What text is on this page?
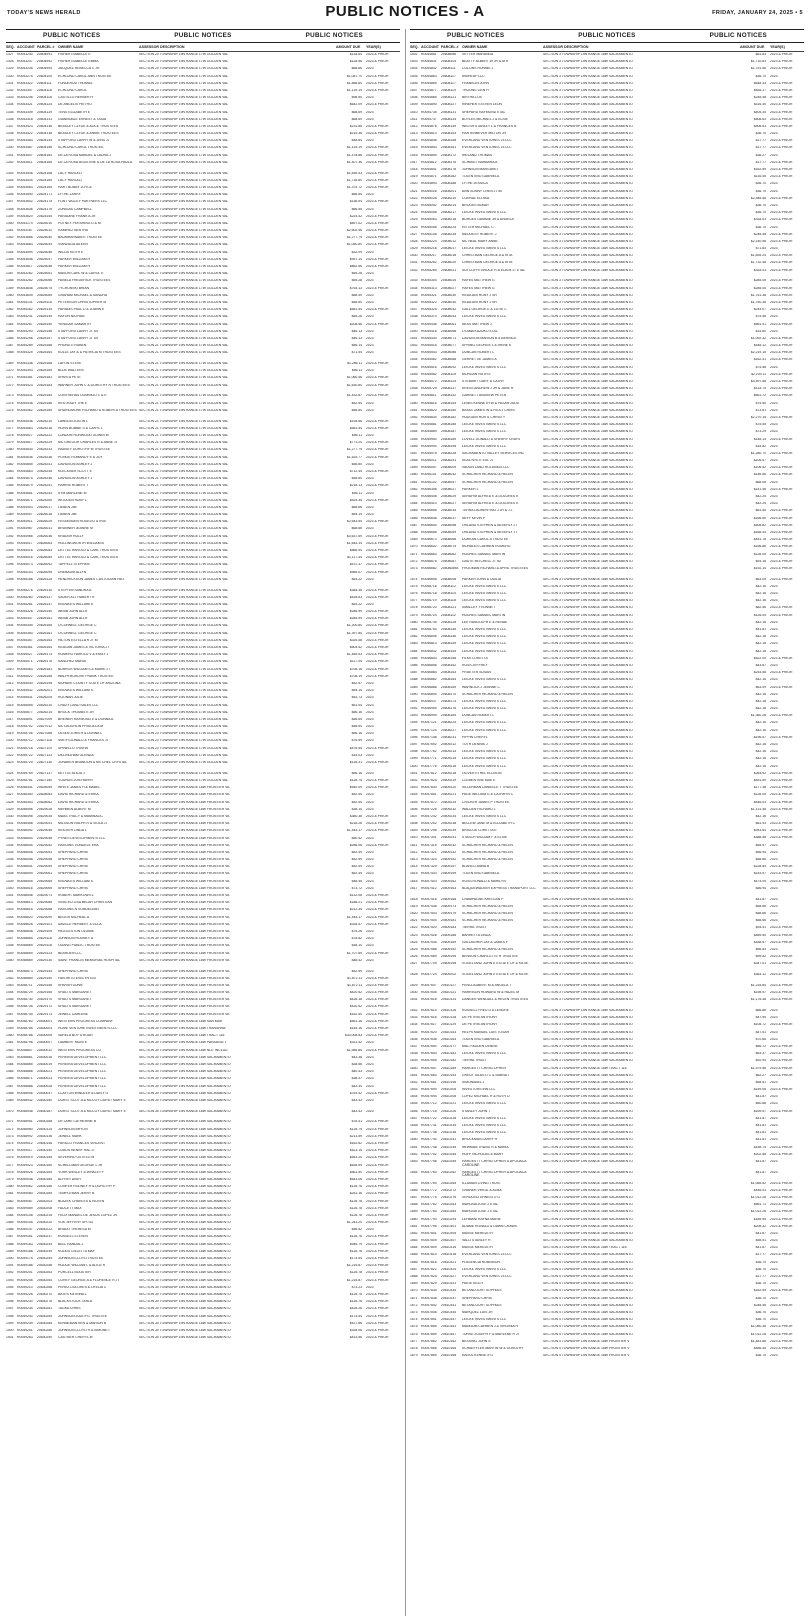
TODAY'S NEWS HERALD	PUBLIC NOTICES - A	FRIDAY, JANUARY 24, 2025 • 5
PUBLIC NOTICES	PUBLIC NOTICES	PUBLIC NOTICES
SEQ. ACCOUNT PARCEL # OWNER NAME	ASSESSOR DESCRIPTION	AMOUNT DUE YEAR(S)
1327	R0053240	20604991	FISHER ISABELLE E	SECTION 20 TOWNSHIP 19N RANGE 17W GOLDEN VAL	$134.64 2023 & PRIOR
1328	R0053247	20604992	FISHER ISABELLE EMMA	SECTION 20 TOWNSHIP 19N RANGE 17W GOLDEN VAL	$128.56 2023 & PRIOR
1329	R0053235	20604994	JACQUEZ REBECCA C JR	SECTION 20 TOWNSHIP 19N RANGE 17W GOLDEN VAL	$68.66 2023
1330	R0053275	20604100	ECHLUND CAROL ANN TRUSTEE	SECTION 20 TOWNSHIP 19N RANGE 17W GOLDEN VAL	$1,087.70 2023 & PRIOR
1331	R0053322	20604111	FUNDERUD THOMAS	SECTION 20 TOWNSHIP 19N RANGE 17W GOLDEN VAL	$1,856.80 2023 & PRIOR
1332	R0053347	20604116	ECHLUND CAROL	SECTION 20 TOWNSHIP 19N RANGE 17W GOLDEN VAL	$1,125.19 2023 & PRIOR
1333	R0053208	20604118	CASTILLO HERBER H	SECTION 20 TOWNSHIP 19N RANGE 17W GOLDEN VAL	$98.50 2023
1334	R0053321	20604124	DE ANGELIS PIETRO	SECTION 20 TOWNSHIP 19N RANGE 17W GOLDEN VAL	$642.09 2023 & PRIOR
1335	R0053309	20604129	TENG ELIZABETH E	SECTION 20 TOWNSHIP 19N RANGE 17W GOLDEN VAL	$68.69 2023
1336	R0053318	20604131	GIANNOBLE ERNEST & TASIA	SECTION 20 TOWNSHIP 19N RANGE 17W GOLDEN VAL	$68.69 2023
1337	R0053423	20604136	BEASLEY CLYDE & ALICE TRUSTEES	SECTION 20 TOWNSHIP 19N RANGE 17W GOLDEN VAL	$231.88 2023 & PRIOR
1338	R0053422	20604138	BEASLEY CLYDE & ANNIE TRUSTEES	SECTION 20 TOWNSHIP 19N RANGE 17W GOLDEN VAL	$219.38 2023 & PRIOR
1339	R0053483	20604144	STAFFORD LARRY W & JENS JT	SECTION 20 TOWNSHIP 19N RANGE 17W GOLDEN VAL	$48.84 2023
1340	R0053487	20604156	SCHLUND CAROL TRUSTEE	SECTION 20 TOWNSHIP 19N RANGE 17W GOLDEN VAL	$1,125.19 2023 & PRIOR
1341	R0053507	20604164	DE LA ROSA MANUEL & LAURA J	SECTION 20 TOWNSHIP 19N RANGE 17W GOLDEN VAL	$1,478.88 2023 & PRIOR
1342	R0053511	20604165	DE LA ROSA AGUSTINE & DE LA ROSA PAULA	SECTION 20 TOWNSHIP 19N RANGE 17W GOLDEN VAL	$1,407.36 2023 & PRIOR
1343	R0053538	20624168	LACY HAROLD	SECTION 20 TOWNSHIP 19N RANGE 17W GOLDEN VAL	$1,839.43 2023 & PRIOR
1344	R0053539	20624169	LACY HAROLD	SECTION 20 TOWNSHIP 19N RANGE 17W GOLDEN VAL	$1,716.80 2023 & PRIOR
1345	R0053563	20624169	HART BOBBY JOYCE	SECTION 20 TOWNSHIP 19N RANGE 17W GOLDEN VAL	$1,379.72 2023 & PRIOR
1346	R0053590	20624171	LYTHE LARRY	SECTION 20 TOWNSHIP 19N RANGE 17W GOLDEN VAL	$66.55 2023
1347	R0053602	20624175	FLINT VALLEY PARTNERS LLC	SECTION 20 TOWNSHIP 19N RANGE 17W GOLDEN VAL	$136.54 2023 & PRIOR
1348	R0053636	20624176	ZUNIGAS CAMPBELL	SECTION 20 TOWNSHIP 19N RANGE 17W GOLDEN VAL	$66.55 2023
1349	R0053620	20624154	PARADINE FRANK A JR	SECTION 21 TOWNSHIP 19N RANGE 17W GOLDEN VAL	$224.42 2023 & PRIOR
1350	R0053174	20625010	PUTNEY PERSHING D & M	SECTION 21 TOWNSHIP 19N RANGE 17W GOLDEN VAL	$897.02 2023 & PRIOR
1351	R0053167	20625011	RAMIREZ BERTHA	SECTION 21 TOWNSHIP 19N RANGE 17W GOLDEN VAL	$2,602.46 2023 & PRIOR
1352	R0053688	20625040	BAUMHARMAN E TRUSTEE	SECTION 21 TOWNSHIP 19N RANGE 17W GOLDEN VAL	$1,277.79 2023 & PRIOR
1353	R0053683	20625044	VIANZAGA AILEEN	SECTION 21 TOWNSHIP 19N RANGE 17W GOLDEN VAL	$1,050.80 2023 & PRIOR
1354	R0053599	20625046	WILLIS KEITH E	SECTION 21 TOWNSHIP 19N RANGE 17W GOLDEN VAL	$32.09 2023
1355	R0053646	20625047	PARKER WILLIAM H	SECTION 21 TOWNSHIP 19N RANGE 17W GOLDEN VAL	$957.14 2023 & PRIOR
1356	R0053617	20625048	PARKER WILLIAM H	SECTION 21 TOWNSHIP 19N RANGE 17W GOLDEN VAL	$862.56 2023 & PRIOR
1357	R0053262	20625051	MASON CARL W & CAROL E	SECTION 21 TOWNSHIP 19N RANGE 17W GOLDEN VAL	$55.28 2023
1358	R0053262	20625066	PANELA FREDERICK TRUSTEES	SECTION 21 TOWNSHIP 19N RANGE 17W GOLDEN VAL	$55.28 2023
1359	R0053648	20625075	TYCHONSKI BRIAN	SECTION 21 TOWNSHIP 19N RANGE 17W GOLDEN VAL	$764.13 2023 & PRIOR
1360	R0053649	20625089	GRAHAM MICHAEL & SANDRA	SECTION 21 TOWNSHIP 19N RANGE 17W GOLDEN VAL	$58.49 2023
1361	R0054131	20625116	PETERSON CHRISTOPHER SI	SECTION 21 TOWNSHIP 19N RANGE 17W GOLDEN VAL	$56.80 2023
1362	R0054162	20625134	PARADIS PAUL D & JOANN E	SECTION 21 TOWNSHIP 19N RANGE 17W GOLDEN VAL	$581.54 2023 & PRIOR
1363	R0054231	20625145	HAYON NATHAN	SECTION 21 TOWNSHIP 19N RANGE 17W GOLDEN VAL	$55.28 2023
1364	R0054287	20625150	YENIGAR SAMARTH	SECTION 21 TOWNSHIP 19N RANGE 17W GOLDEN VAL	$208.58 2023 & PRIOR
1365	R0054290	20625156	STAFFORD LARRY JT SS	SECTION 21 TOWNSHIP 19N RANGE 17W GOLDEN VAL	$46.13 2023
1366	R0054296	20625157	STAFFORD LARRY JT SS	SECTION 21 TOWNSHIP 19N RANGE 17W GOLDEN VAL	$46.13 2023
1367	R0054289	20625168	PHONGTI RUBEN	SECTION 21 TOWNSHIP 19N RANGE 17W GOLDEN VAL	$56.14 2023
1368	R0054325	20625164	KULLE JAY & & PATRICIA M TRUSTEES	SECTION 21 TOWNSHIP 19N RANGE 17W GOLDEN VAL	$71.54 2023
1369	R0054336	20625168	LAFON STEVE	SECTION 21 TOWNSHIP 19N RANGE 17W GOLDEN VAL	$1,286.11 2023 & PRIOR
1370	R0054393	20625169	BLUE WALTERS	SECTION 21 TOWNSHIP 19N RANGE 17W GOLDEN VAL	$56.11 2023
1371	R0054381	20625181	SPARTA PETE	SECTION 21 TOWNSHIP 19N RANGE 17W GOLDEN VAL	$1,060.46 2023 & PRIOR
1372	R0054423	20625183	WARNER JOHN C & DOROTHY N TRUSTEES	SECTION 21 TOWNSHIP 19N RANGE 17W GOLDEN VAL	$1,630.80 2023 & PRIOR
1373	R0054431	20625184	CONTRERAS DOMINGO C & E	SECTION 21 TOWNSHIP 19N RANGE 17W GOLDEN VAL	$1,432.87 2023 & PRIOR
1374	R0054436	20625186	RESTRADY THE E	SECTION 21 TOWNSHIP 19N RANGE 17W GOLDEN VAL	$52.44 2023
1375	R0054462	20625189	SHURIGMORE RICHARD & ROBERTA TRUSTEES SECTION 21 TOWNSHIP 19N RANGE 17W GOLDEN VAL	$56.80 2023
1376	R0054538	20625210	LAWSON JUSTIN L	SECTION 21 TOWNSHIP 19N RANGE 17W GOLDEN VAL	$194.66 2023 & PRIOR
1377	R0054563	20625218	HORN BOBBIE S & CARYL L	SECTION 21 TOWNSHIP 19N RANGE 17W GOLDEN VAL	$581.54 2023 & PRIOR
1378	R0054527	20625222	LONDON HORWOOD GOWIN W	SECTION 21 TOWNSHIP 19N RANGE 17W GOLDEN VAL	$56.11 2023
1379	R0054617	20625229	MC GREGOR CHARLES R & ANNE JT	SECTION 21 TOWNSHIP 19N RANGE 17W GOLDEN VAL	$771.20 2023 & PRIOR
1380	R0054630	20625233	HAUSEY DOROTHY M TRUSTEE	SECTION 21 TOWNSHIP 19N RANGE 17W GOLDEN VAL	$1,277.79 2023 & PRIOR
1381	R0054636	20625236	PLINGE ROMANDY E & JOY	SECTION 21 TOWNSHIP 19N RANGE 17W GOLDEN VAL	$1,525.77 2023 & PRIOR
1382	R0054655	20625241	DAVIDSON ASHLEY J	SECTION 21 TOWNSHIP 19N RANGE 17W GOLDEN VAL	$56.80 2023
1383	R0054663	20625245	KLECKNER SCOTT E	SECTION 21 TOWNSHIP 19N RANGE 17W GOLDEN VAL	$712.44 2023 & PRIOR
1384	R0054675	20625246	DAVIDSON ASHLEY J	SECTION 21 TOWNSHIP 19N RANGE 17W GOLDEN VAL	$56.80 2023
1385	R0054679	20625251	HARRIS ROBERT T	SECTION 21 TOWNSHIP 19N RANGE 17W GOLDEN VAL	$218.13 2023 & PRIOR
1386	R0054681	20625253	SYM MARLENE M	SECTION 21 TOWNSHIP 19N RANGE 17W GOLDEN VAL	$56.11 2023
1387	R0054871	20625260	WOODEN RUBY L	SECTION 21 TOWNSHIP 19N RANGE 17W GOLDEN VAL	$524.35 2023 & PRIOR
1388	R0054903	20626017	LIEBEN JIM	SECTION 22 TOWNSHIP 19N RANGE 17W GOLDEN VAL	$68.66 2023
1389	R0054907	20626018	LIEBEN JIM	SECTION 22 TOWNSHIP 19N RANGE 17W GOLDEN VAL	$54.19 2023
1390	R0054911	20626029	FESSENDEN ROGELIO & IRIS	SECTION 22 TOWNSHIP 19N RANGE 17W GOLDEN VAL	$2,643.50 2023 & PRIOR
1391	R0054967	20626031	BRUNNER JEANNE M	SECTION 22 TOWNSHIP 19N RANGE 17W GOLDEN VAL	$68.66 2023
1392	R0054966	20626036	KRAUSH RULLY	SECTION 22 TOWNSHIP 19N RANGE 17W GOLDEN VAL	$3,637.69 2023 & PRIOR
1393	R0055017	20626063	HOLLINGWORTH WILLIAM B	SECTION 22 TOWNSHIP 19N RANGE 17W GOLDEN VAL	$1,644.14 2023 & PRIOR
1394	R0055016	20626083	DETTEL HAROLD & CARL TRUSTEES	SECTION 22 TOWNSHIP 19N RANGE 17W GOLDEN VAL	$866.54 2023 & PRIOR
1395	R0055016	20626085	DETTEL HAROLD & CARL TRUSTEES	SECTION 22 TOWNSHIP 19N RANGE 17W GOLDEN VAL	$1,117.44 2023 & PRIOR
1396	R0055073	20626092	TAPPELL STEPHEN	SECTION 22 TOWNSHIP 19N RANGE 17W GOLDEN VAL	$572.37 2023 & PRIOR
1397	R0055103	20626095	DREBAUM ALLYN	SECTION 22 TOWNSHIP 19N RANGE 17W GOLDEN VAL	$985.07 2023 & PRIOR
1398	R0055188	20626125	HENDRICKSON JAMES CUSTODIAN FBO	SECTION 22 TOWNSHIP 19N RANGE 17W GOLDEN VAL	$53.22 2023
1399	R0055276	20626130	STEFFEN SANDRA A	SECTION 22 TOWNSHIP 19N RANGE 17W GOLDEN VAL	$384.38 2023 & PRIOR
1400	R0055280	20626137	SAUER ALT HUBERT R	SECTION 22 TOWNSHIP 19N RANGE 17W GOLDEN VAL	$428.63 2023 & PRIOR
1401	R0055281	20626147	KNOWLES WILLIAM S	SECTION 22 TOWNSHIP 19N RANGE 17W GOLDEN VAL	$53.22 2023
1402	R0055326	20626150	WEBB JOHN ALLR	SECTION 22 TOWNSHIP 19N RANGE 17W GOLDEN VAL	$285.99 2023 & PRIOR
1403	R0055347	20626161	WEBB JOHN ALLR	SECTION 22 TOWNSHIP 19N RANGE 17W GOLDEN VAL	$285.99 2023 & PRIOR
1404	R0055349	20626165	O'CONNELL GEORGE C	SECTION 22 TOWNSHIP 19N RANGE 17W GOLDEN VAL	$1,200.80 2023 & PRIOR
1405	R0055350	20626161	O'CONNELL GEORGE C	SECTION 22 TOWNSHIP 19N RANGE 17W GOLDEN VAL	$1,397.80 2023 & PRIOR
1406	R0055357	20626163	HILTON ESTELLA R JT M	SECTION 22 TOWNSHIP 19N RANGE 17W GOLDEN VAL	$325.48 2023 & PRIOR
1407	R0055361	20626164	REAGAN JAMES & VICTORIA JT	SECTION 22 TOWNSHIP 19N RANGE 17W GOLDEN VAL	$504.42 2023 & PRIOR
1408	R0055427	20626174	ROMERO HAROLD V & EMILY J	SECTION 22 TOWNSHIP 19N RANGE 17W GOLDEN VAL	$1,465.53 2023 & PRIOR
1409	R0055471	20626176	SANCHEZ MARIA	SECTION 22 TOWNSHIP 19N RANGE 17W GOLDEN VAL	$117.05 2023 & PRIOR
1410	R0055483	20626181	BURROS WILLIAM S & MARIE JT	SECTION 22 TOWNSHIP 19N RANGE 17W GOLDEN VAL	$708.18 2023 & PRIOR
1411	R0055522	20626185	WALPERGROVE FRANK TRUSTEE	SECTION 22 TOWNSHIP 19N RANGE 17W GOLDEN VAL	$708.19 2023 & PRIOR
1412	R0055530	20626195	MOHAVE COUNTY STATE OF ARIZONA	SECTION 22 TOWNSHIP 19N RANGE 17W GOLDEN VAL	$52.47 2023
1413	R0055532	20626201	KNOWLES WILLIAM S	SECTION 22 TOWNSHIP 19N RANGE 17W GOLDEN VAL	$54.15 2023
1414	R0055531	20626205	ROONAN JULIE	SECTION 22 TOWNSHIP 19N RANGE 17W GOLDEN VAL	$53.73 2023
1415	R0055559	20626210	CRAZY LAND SALES LLC	SECTION 22 TOWNSHIP 19N RANGE 17W GOLDEN VAL	$51.04 2023
1416	R0055677	20626215	BROCK THOMAS E JR	SECTION 22 TOWNSHIP 19N RANGE 17W GOLDEN VAL	$56.16 2023
1417	R0055691	20627009	BREWER RAYMOND E & DONNA A	SECTION 23 TOWNSHIP 19N RANGE 17W GOLDEN VAL	$56.54 2023
1418	R0055702	20627012	MC LAUGHLIN PRISCILLA M	SECTION 23 TOWNSHIP 19N RANGE 17W GOLDEN VAL	$56.54 2023
1419	R0055706	20627086	OLSEN JOHN H & DONNA L	SECTION 23 TOWNSHIP 19N RANGE 17W GOLDEN VAL	$56.16 2023
1420	R0055712	20627118	SMITH DONALD & FRANCES JT	SECTION 23 TOWNSHIP 19N RANGE 17W GOLDEN VAL	$76.59 2023
1421	R0055718	20627119	SPINELLO TRISHA	SECTION 23 TOWNSHIP 19N RANGE 17W GOLDEN VAL	$476.55 2023 & PRIOR
1422	R0055722	20627123	DILLINGHAM GLENDA	SECTION 23 TOWNSHIP 19N RANGE 17W GOLDEN VAL	$15.03 2023
1423	R0055729	20627130	JONAKER BRANDON & MITCHEL CRYSTAL	SECTION 23 TOWNSHIP 19N RANGE 17W GOLDEN VAL	$128.31 2023 & PRIOR
1424	R0055769	20627137	KETTLE ALICIA J	SECTION 23 TOWNSHIP 19N RANGE 17W GOLDEN VAL	$56.16 2023
1425	R0055781	20627180	YOUNGS JON HARRY	SECTION 23 TOWNSHIP 19N RANGE 17W GOLDEN VAL	$128.75 2023 & PRIOR
1426	R0058341	20628059	WHITE JAMES H & MABEL	SECTION 30 TOWNSHIP 19N RANGE 18W FRONTIER VA	$540.09 2023 & PRIOR
1427	R0058350	20628063	DAVIS RICHARD & ERIKA	SECTION 30 TOWNSHIP 19N RANGE 18W FRONTIER VA	$52.45 2023
1428	R0058353	20628062	DAVIS RICHARD & ERIKA	SECTION 30 TOWNSHIP 19N RANGE 18W FRONTIER VA	$52.45 2023
1429	R0058496	20629028	MEHMEN ALBERT M	SECTION 30 TOWNSHIP 19N RANGE 18W FRONTIER VA	$38.10 2023
1430	R0058498	20629035	MAAS TRACY & MAMINALIC	SECTION 30 TOWNSHIP 19N RANGE 18W FRONTIER VA	$380.38 2023 & PRIOR
1431	R0058458	20629041	MILSSON RALPH R & VIOLA JT	SECTION 30 TOWNSHIP 19N RANGE 18W FRONTIER VA	$218.26 2023 & PRIOR
1432	R0058492	20629046	REICKER LINDA L	SECTION 30 TOWNSHIP 19N RANGE 18W FRONTIER VA	$1,444.17 2023 & PRIOR
1433	R0058504	20629048	PYNES DEVELOPMENTS LLC	SECTION 30 TOWNSHIP 19N RANGE 18W FRONTIER VA	$50.42 2023
1434	R0058505	20629052	HAGGINS VONDELE ERA	SECTION 30 TOWNSHIP 19N RANGE 18W FRONTIER VA	$286.08 2023 & PRIOR
1435	R0058508	20629053	SHEPPARD CHRIS	SECTION 30 TOWNSHIP 19N RANGE 18W FRONTIER VA	$52.49 2023
1436	R0058498	20629058	SHEPPARD CHRIS	SECTION 30 TOWNSHIP 19N RANGE 18W FRONTIER VA	$52.49 2023
1437	R0058501	20629059	SHEPPARD CHRIS	SECTION 30 TOWNSHIP 19N RANGE 18W FRONTIER VA	$52.49 2023
1438	R0058509	20629061	SHEPPARD CHRIS	SECTION 30 TOWNSHIP 19N RANGE 18W FRONTIER VA	$52.49 2023
1439	R0058505	20629065	KNOWLES WILLIAM S	SECTION 30 TOWNSHIP 19N RANGE 18W FRONTIER VA	$48.45 2023
1440	R0058516	20629069	SHEPPARD CHRIS	SECTION 30 TOWNSHIP 19N RANGE 18W FRONTIER VA	$73.72 2023
1441	R0058546	20629071	ROBERT MARKOWITZ	SECTION 30 TOWNSHIP 19N RANGE 18W FRONTIER VA	$132.08 2023 & PRIOR
1442	R0058613	20629085	VINSTED LISA BELAH CHRISTIAN	SECTION 30 TOWNSHIP 19N RANGE 18W FRONTIER VA	$188.21 2023 & PRIOR
1443	R0058618	20629088	HAGGINS N VONDELEAR	SECTION 30 TOWNSHIP 19N RANGE 18W FRONTIER VA	$212.35 2023 & PRIOR
1444	R0058620	20629090	BEGGS MICHEAL A	SECTION 30 TOWNSHIP 19N RANGE 18W FRONTIER VA	$1,444.17 2023 & PRIOR
1445	R0058628	20629101	SAVILLE HERBERT & LILLA	SECTION 30 TOWNSHIP 19N RANGE 18W FRONTIER VA	$328.47 2023 & PRIOR
1446	R0058648	20629109	HIGGLESTON OLUMIE	SECTION 30 TOWNSHIP 19N RANGE 18W FRONTIER VA	$76.26 2023
1447	R0058665	20629116	JOHNSON RODNEY A	SECTION 30 TOWNSHIP 19N RANGE 18W FRONTIER VA	$78.82 2023
1448	R0058669	20629118	OGANG PUBLIC TRUSTEE	SECTION 30 TOWNSHIP 19N RANGE 18W FRONTIER VA	$38.10 2023
1449	R0058659	20629123	BEARDEN LLC	SECTION 30 TOWNSHIP 19N RANGE 18W FRONTIER VA	$1,707.89 2023 & PRIOR
1450	R0058669	20629130	SAINT FRANCIS MEMORIAL HOSPITAL	SECTION 30 TOWNSHIP 19N RANGE 18W FRONTIER VA	$48.42 2023
1451	R0058673	20629144	SHEPPARD CHRIS	SECTION 30 TOWNSHIP 19N RANGE 18W FRONTIER VA	$52.49 2023
1452	R0058689	20629150	FAVORITO EVELYN GST	SECTION 30 TOWNSHIP 19N RANGE 18W FRONTIER VA	$1,872.11 2023 & PRIOR
1453	R0058711	20629158	SPARSH DUNN	SECTION 30 TOWNSHIP 19N RANGE 18W FRONTIER VA	$1,872.11 2023 & PRIOR
1454	R0058729	20629165	SHULTS MARGARET	SECTION 30 TOWNSHIP 19N RANGE 18W FRONTIER VA	$420.52 2023 & PRIOR
1455	R0058730	20629170	SHULTS MARGARET	SECTION 30 TOWNSHIP 19N RANGE 18W FRONTIER VA	$426.18 2023 & PRIOR
1456	R0058735	20629172	SHULTS MARGARET	SECTION 30 TOWNSHIP 19N RANGE 18W FRONTIER VA	$420.52 2023 & PRIOR
1457	R0058749	20629173	JEWELL DARLENE	SECTION 30 TOWNSHIP 19N RANGE 18W FRONTIER VA	$162.50 2023 & PRIOR
1458	R0058760	20630001	WESTERN PROGRESS COMPANY	SECTION 30 TOWNSHIP 19N RANGE 18W SAN MAR	$561.16 2023 & PRIOR
1459	R0058785	20630003	HOME VENTURE INVESTMENTS LLC	SECTION 30 TOWNSHIP 19N RANGE 18W TRANSPAW	$145.16 2023 & PRIOR
1460	R0058786	20630005	VARELA BOY'S ROAR	SECTION 30 TOWNSHIP 19N RANGE 18W TRACT 116	$33,008.83 2023 & PRIOR
1461	R0058796	20630007	LAMBERT MONTE	SECTION 30 TOWNSHIP 19N RANGE 18W PARADISE T	$313.42 2023
1462	R0058807	20630011	WESTERN PROGRESS CO	SECTION 30 TOWNSHIP 19N RANGE 18W NOT INCLUD	$1,985.85 2023 & PRIOR
1463	R0058861	20630016	PEREIRA DEVELOPMENT LLC	SECTION 30 TOWNSHIP 19N RANGE 18W SACRAMENTO	$43.36 2023
1464	R0058865	20630019	PEREIRA DEVELOPMENT LLC	SECTION 30 TOWNSHIP 19N RANGE 18W SACRAMENTO	$38.66 2023
1465	R0058866	20630021	PEREIRA DEVELOPMENT LLC	SECTION 30 TOWNSHIP 19N RANGE 18W SACRAMENTO	$40.43 2023
1466	R0058871	20630023	PEREIRA DEVELOPMENT LLC	SECTION 30 TOWNSHIP 19N RANGE 18W SACRAMENTO	$38.37 2023
1467	R0058888	20630028	PEREIRA DEVELOPMENT LLC	SECTION 30 TOWNSHIP 19N RANGE 18W SACRAMENTO	$43.34 2023
1468	R0058906	20630047	CLAYTON WINDLER & DAISY G	SECTION 30 TOWNSHIP 19N RANGE 18W SACRAMENTO	$763.42 2023 & PRIOR
1469	R0058932	20630180	DURST SCOT A & MCCOY DURST MARY E	SECTION 30 TOWNSHIP 19N RANGE 18W SACRAMENTO	$43.43 2023
1470	R0058948	20630187	DURST SCOT A & MCCOY DURST MARY E	SECTION 30 TOWNSHIP 19N RANGE 18W SACRAMENTO	$43.43 2023
1471	R0058951	20630188	DE LAHE CATHERINE B	SECTION 30 TOWNSHIP 19N RANGE 18W SACRAMENTO	$78.41 2023 & PRIOR
1472	R0058980	20630124	JOHNSON BRYON	SECTION 30 TOWNSHIP 19N RANGE 18W SACRAMENTO	$128.79 2023 & PRIOR
1473	R0058992	20630136	JEWELL MARK	SECTION 30 TOWNSHIP 19N RANGE 18W SACRAMENTO	$213.59 2023 & PRIOR
1474	R0059012	20630146	PARILLO FRANCES VINCENT	SECTION 30 TOWNSHIP 19N RANGE 18W SACRAMENTO	$162.82 2023 & PRIOR
1475	R0059017	20630150	COBOS BENNY RAL JT	SECTION 30 TOWNSHIP 19N RANGE 18W SACRAMENTO	$423.15 2023 & PRIOR
1476	R0059019	20630155	SEVERINO OSTELLI M	SECTION 30 TOWNSHIP 19N RANGE 18W SACRAMENTO	$543.20 2023 & PRIOR
1477	R0059023	20630160	SCHELLMAN GEORGE L JR	SECTION 30 TOWNSHIP 19N RANGE 18W SACRAMENTO	$628.59 2023 & PRIOR
1478	R0059026	20630164	YORK WESLEY & WHALEY F	SECTION 30 TOWNSHIP 19N RANGE 18W SACRAMENTO	$561.50 2023 & PRIOR
1479	R0059048	20630185	ALFREY ANDY	SECTION 30 TOWNSHIP 19N RANGE 18W SACRAMENTO	$643.06 2023 & PRIOR
1480	R0059062	20630186	CONFER RODNEY R & DOROTHY P	SECTION 30 TOWNSHIP 19N RANGE 18W SACRAMENTO	$126.78 2023 & PRIOR
1481	R0059080	20630189	TEMPLEMAN JERRY B	SECTION 30 TOWNSHIP 19N RANGE 18W SACRAMENTO	$251.18 2023 & PRIOR
1482	R0059087	20630203	BLAZEK CHARLES & EILEEN	SECTION 30 TOWNSHIP 19N RANGE 18W SACRAMENTO	$126.78 2023 & PRIOR
1483	R0059089	20630208	FAUCETT MAX	SECTION 30 TOWNSHIP 19N RANGE 18W SACRAMENTO	$126.78 2023 & PRIOR
1484	R0059108	20630215	FELIX MANUEL DE JESUS LOPEZ JR	SECTION 30 TOWNSHIP 19N RANGE 18W SACRAMENTO	$126.78 2023 & PRIOR
1485	R0059145	20630220	VOK JEFFERY SPI SO	SECTION 30 TOWNSHIP 19N RANGE 18W SACRAMENTO	$1,243.20 2023 & PRIOR
1486	R0059147	20630222	BRADO THERESA M	SECTION 30 TOWNSHIP 19N RANGE 18W SACRAMENTO	$56.52 2023
1487	R0059161	20630237	RUSSELL STEVEN	SECTION 30 TOWNSHIP 19N RANGE 18W SACRAMENTO	$126.78 2023 & PRIOR
1488	R0059163	20630244	BELL RANDAL L	SECTION 30 TOWNSHIP 19N RANGE 18W SACRAMENTO	$946.79 2023 & PRIOR
1489	R0059168	20630249	RODDS GILLETTA MAY	SECTION 30 TOWNSHIP 19N RANGE 18W SACRAMENTO	$126.78 2023 & PRIOR
1490	R0059175	20630254	JOHNSON LLOYD TRUSTEE	SECTION 30 TOWNSHIP 19N RANGE 18W SACRAMENTO	$174.54 2023 & PRIOR
1491	R0059188	20630258	HODGE WILLIAM L & ALICE R	SECTION 30 TOWNSHIP 19N RANGE 18W SACRAMENTO	$1,215.87 2023 & PRIOR
1492	R0059201	20630263	PURCELL BOUSTER	SECTION 30 TOWNSHIP 19N RANGE 18W SACRAMENTO	$126.78 2023 & PRIOR
1493	R0059208	20630264	COREY GEORGE A & FLORENCE R JT	SECTION 30 TOWNSHIP 19N RANGE 18W SACRAMENTO	$1,215.87 2023 & PRIOR
1494	R0059210	20630268	PEREZ DOLORES & OFELIA C	SECTION 30 TOWNSHIP 19N RANGE 18W SACRAMENTO	$73.23 2023
1495	R0059228	20630270	BATES KATRINA L	SECTION 30 TOWNSHIP 19N RANGE 18W SACRAMENTO	$126.78 2023 & PRIOR
1496	R0059230	20630276	BLACKSTOCK TARLA	SECTION 30 TOWNSHIP 19N RANGE 18W SACRAMENTO	$126.78 2023 & PRIOR
1497	R0059235	20630281	TAGKA CHRIS	SECTION 30 TOWNSHIP 19N RANGE 18W SACRAMENTO	$428.28 2023 & PRIOR
1498	R0059240	20630284	JOHNSON JUDITH L TRUSTEE	SECTION 30 TOWNSHIP 19N RANGE 18W SACRAMENTO	$174.54 2023 & PRIOR
1499	R0059249	20630285	KENNEMAN KEN & MARION B	SECTION 30 TOWNSHIP 19N RANGE 18W SACRAMENTO	$427.66 2023 & PRIOR
1500	R0059251	20630286	JOHNSON LLOYD R & SIMONE I	SECTION 30 TOWNSHIP 19N RANGE 18W SACRAMENTO	$328.08 2023 & PRIOR
1501	R0059263	20630290	CASTNER CHERYL M	SECTION 30 TOWNSHIP 19N RANGE 18W SACRAMENTO	$413.58 2023 & PRIOR
PUBLIC NOTICES	PUBLIC NOTICES	PUBLIC NOTICES
SEQ. ACCOUNT PARCEL # OWNER NAME	ASSESSOR DESCRIPTION	AMOUNT DUE YEAR(S)
1502	R0054851	20608086	VETTER MARANDA	SECTION 3 TOWNSHIP 19N RANGE 18W SACRAMENTO	$61.83 2023 & PRIOR
1503	R0054831	20608104	BEATTY ALBERT W JR & M R	SECTION 3 TOWNSHIP 19N RANGE 18W SACRAMENTO	$1,710.63 2023 & PRIOR
1504	R0054842	20608111	COLLINS RONNIE L	SECTION 3 TOWNSHIP 19N RANGE 18W SACRAMENTO	$1,751.56 2023 & PRIOR
1505	R0054863	20608117	MISHEUP LLC	SECTION 3 TOWNSHIP 19N RANGE 18W SACRAMENTO	$36.70 2023
1506	R0054869	20608117	FRANKLIN JOHN	SECTION 3 TOWNSHIP 19N RANGE 18W SACRAMENTO	$648.33 2023 & PRIOR
1507	R0054877	20608119	TRUONG LIEN H	SECTION 3 TOWNSHIP 19N RANGE 18W SACRAMENTO	$835.17 2023 & PRIOR
1508	R0054885	20608121	BIRTHA LOS	SECTION 3 TOWNSHIP 19N RANGE 18W SACRAMENTO	$248.48 2023 & PRIOR
1509	R0054890	20608127	RINEHER STEVEN LEON	SECTION 3 TOWNSHIP 19N RANGE 18W SACRAMENTO	$116.40 2023 & PRIOR
1510	R0054735	20608131	SHEPARD RAYMOND ETAL	SECTION 3 TOWNSHIP 19N RANGE 18W SACRAMENTO	$405.34 2023 & PRIOR
1511	R0054737	20608134	BOYLES MICHAEL J & ELSIE	SECTION 3 TOWNSHIP 19N RANGE 18W SACRAMENTO	$508.63 2023 & PRIOR
1512	R0054876	20608149	WELSH STANLEY L & FRANCES B	SECTION 3 TOWNSHIP 19N RANGE 18W SACRAMENTO	$508.63 2023 & PRIOR
1513	R0054813	20608153	HARTENBEVER MILTON JR	SECTION 3 TOWNSHIP 19N RANGE 18W SACRAMENTO	$36.70 2023
1514	R0054848	20608158	EVERLAND VENTURES 23 LLC	SECTION 3 TOWNSHIP 19N RANGE 18W SACRAMENTO	$17.77 2023 & PRIOR
1515	R0054853	20608161	EVERLAND VENTURES 23 LLC	SECTION 3 TOWNSHIP 19N RANGE 18W SACRAMENTO	$17.77 2023 & PRIOR
1516	R0054859	20608172	IRELAND THOMAS	SECTION 3 TOWNSHIP 19N RANGE 18W SACRAMENTO	$36.27 2023
1517	R0054812	20608176	SCHMIDT BARBARA A	SECTION 3 TOWNSHIP 19N RANGE 18W SACRAMENTO	$17.77 2023 & PRIOR
1518	R0054841	20608178	JOHNSON MARGARET	SECTION 3 TOWNSHIP 19N RANGE 18W SACRAMENTO	$162.59 2023 & PRIOR
1519	R0054871	20608182	TOLENTINO GABRIELA	SECTION 3 TOWNSHIP 19N RANGE 18W SACRAMENTO	$116.45 2023 & PRIOR
1520	R0054893	20608186	LYTHE JESSICA	SECTION 3 TOWNSHIP 19N RANGE 18W SACRAMENTO	$36.70 2023
1521	R0055026	20608201	ANN SONNY CHEN JT 50	SECTION 3 TOWNSHIP 19N RANGE 18W SACRAMENTO	$36.70 2023
1522	R0055028	20608210	CORRAL ELOISA	SECTION 3 TOWNSHIP 19N RANGE 18W SACRAMENTO	$2,548.46 2023 & PRIOR
1523	R0055052	20608214	BROOKS BOBBY	SECTION 3 TOWNSHIP 19N RANGE 18W SACRAMENTO	$36.70 2023
1524	R0055058	20608217	LEICKE INVESTMENTS LLC	SECTION 3 TOWNSHIP 19N RANGE 18W SACRAMENTO	$36.70 2023 & PRIOR
1525	R0055063	20608218	BURGES GAMMIE JR & ANGELA	SECTION 3 TOWNSHIP 19N RANGE 18W SACRAMENTO	$334.03 2023 & PRIOR
1526	R0055056	20608224	HITTER MICHAEL C	SECTION 3 TOWNSHIP 19N RANGE 18W SACRAMENTO	$36.70 2023
1527	R0055106	20608235	MEDOESY ROBERT J	SECTION 3 TOWNSHIP 19N RANGE 18W SACRAMENTO	$248.48 2023 & PRIOR
1528	R0055224	20608012	MC NEAL MARY ANNE	SECTION 3 TOWNSHIP 19N RANGE 18W SACRAMENTO	$2,140.58 2023 & PRIOR
1529	R0055216	20608017	LEICKE INVESTMENTS LLC	SECTION 3 TOWNSHIP 19N RANGE 18W SACRAMENTO	$71.83 2023
1530	R0055217	20608018	CHRISTMAN GEORGE A & RITA	SECTION 3 TOWNSHIP 19N RANGE 18W SACRAMENTO	$1,839.24 2023 & PRIOR
1531	R0055262	20608020	CHRISTMAN GEORGE A & RITA	SECTION 3 TOWNSHIP 19N RANGE 18W SACRAMENTO	$1,732.48 2023 & PRIOR
1532	R0055264	20608021	SUTCLIFFE BRUCE R & EDA M JT ETAL	SECTION 3 TOWNSHIP 19N RANGE 18W SACRAMENTO	$334.03 2023 & PRIOR
1533	R0055304	20608025	HAYES MATTHEW G	SECTION 3 TOWNSHIP 19N RANGE 18W SACRAMENTO	$285.05 2023 & PRIOR
1534	R0055313	20608027	HAYES MATTHEW G	SECTION 3 TOWNSHIP 19N RANGE 18W SACRAMENTO	$285.05 2023 & PRIOR
1535	R0055321	20608030	REDA ANTHONY J SR	SECTION 3 TOWNSHIP 19N RANGE 18W SACRAMENTO	$1,761.38 2023 & PRIOR
1536	R0055322	20608030	REDA ANTHONY J SR	SECTION 3 TOWNSHIP 19N RANGE 18W SACRAMENTO	$1,760.38 2023 & PRIOR
1537	R0055325	20608042	GALL GEORGE E & LUTIE C	SECTION 3 TOWNSHIP 19N RANGE 18W SACRAMENTO	$244.07 2023 & PRIOR
1538	R0055374	20608043	LEICKE INVESTMENTS LLC	SECTION 3 TOWNSHIP 19N RANGE 18W SACRAMENTO	$75.58 2023
1539	R0055446	20608061	NESS MATTHEW J	SECTION 3 TOWNSHIP 19N RANGE 18W SACRAMENTO	$561.91 2023 & PRIOR
1540	R0055416	20608068	OTAMA KAZUKO ETAL	SECTION 3 TOWNSHIP 19N RANGE 18W SACRAMENTO	$15.80 2023
1541	R0055440	20608071	DAVIDSON MARION B & BERNICE	SECTION 3 TOWNSHIP 19N RANGE 18W SACRAMENTO	$1,092.32 2023 & PRIOR
1542	R0055516	20608077	SPRING GEORGE L & IRENE K	SECTION 3 TOWNSHIP 19N RANGE 18W SACRAMENTO	$448.12 2023 & PRIOR
1543	R0055543	20608086	DUNCAN ROBERT L	SECTION 3 TOWNSHIP 19N RANGE 18W SACRAMENTO	$2,219.15 2023 & PRIOR
1544	R0055562	20608088	GERRETTIE JAMES A	SECTION 3 TOWNSHIP 19N RANGE 18W SACRAMENTO	$162.41 2023 & PRIOR
1545	R0055515	20608092	LEICKE INVESTMENTS LLC	SECTION 3 TOWNSHIP 19N RANGE 18W SACRAMENTO	$75.58 2023
1546	R0055562	20608115	MORGAN RUTH E	SECTION 3 TOWNSHIP 19N RANGE 18W SACRAMENTO	$2,239.11 2023 & PRIOR
1547	R0055572	20608125	STEWART GARY & CATHY	SECTION 3 TOWNSHIP 19N RANGE 18W SACRAMENTO	$4,597.58 2023 & PRIOR
1548	R0055729	20608137	KRESS ANDREW J JR & JANE H	SECTION 3 TOWNSHIP 19N RANGE 18W SACRAMENTO	$133.75 2023 & PRIOR
1549	R0055811	20608142	GARNETT ANDREW PETER	SECTION 3 TOWNSHIP 19N RANGE 18W SACRAMENTO	$661.72 2023 & PRIOR
1550	R0055815	20608153	LEWIS KENNETH W & PASAR JULIE	SECTION 3 TOWNSHIP 19N RANGE 18W SACRAMENTO	$75.50 2023
1551	R0055820	20608160	BAYAS JAMES W & RITA J CHRIS	SECTION 3 TOWNSHIP 19N RANGE 18W SACRAMENTO	$73.81 2023
1552	R0055834	20608182	HUDGANTHUR & CHRISTY	SECTION 3 TOWNSHIP 19N RANGE 18W SACRAMENTO	$2,270.15 2023 & PRIOR
1553	R0055881	20608185	LEICKE INVESTMENTS LLC	SECTION 3 TOWNSHIP 19N RANGE 18W SACRAMENTO	$75.55 2023
1554	R0055889	20608187	LEICKE INVESTMENTS LLC	SECTION 3 TOWNSHIP 19N RANGE 18W SACRAMENTO	$73.29 2023
1555	R0055950	20608189	LOVELL DONALD & SHERRY CRAYS	SECTION 3 TOWNSHIP 19N RANGE 18W SACRAMENTO	$148.13 2023 & PRIOR
1556	R0055994	20608198	LEICKE INVESTMENTS LLC	SECTION 3 TOWNSHIP 19N RANGE 18W SACRAMENTO	$15.82 2023
1557	R0055978	20608228	SACRAMENTO VALLEY SERVICES INC	SECTION 3 TOWNSHIP 19N RANGE 18W SACRAMENTO	$1,280.70 2023 & PRIOR
1558	R0056011	20608241	SEAL NYE E ESL JT	SECTION 3 TOWNSHIP 19N RANGE 18W SACRAMENTO	$106.57 2023
1559	R0056057	20608009	VAUGN LAND HOLDINGS LLC	SECTION 3 TOWNSHIP 19N RANGE 18W SACRAMENTO	$106.52 2023 & PRIOR
1560	R0056101	20608042	SCHACHER RICHARD & HELEN	SECTION 3 TOWNSHIP 19N RANGE 18W SACRAMENTO	$146.56 2023 & PRIOR
1561	R0056102	20608057	SCHACHER RICHARD & HELEN	SECTION 3 TOWNSHIP 19N RANGE 18W SACRAMENTO	$68.08 2023
1562	R0056306	20608027	PARKER J	SECTION 3 TOWNSHIP 19N RANGE 18W SACRAMENTO	$141.46 2023 & PRIOR
1563	R0056408	20608029	SERAFIM ALFRED E & DOLORES K	SECTION 3 TOWNSHIP 19N RANGE 18W SACRAMENTO	$42.25 2023
1564	R0056410	20608027	SERAFIM ALFRED E & DOLORES K	SECTION 3 TOWNSHIP 19N RANGE 18W SACRAMENTO	$42.25 2023
1565	R0056658	20608034	TERRA LAURENTINO J JR & J L	SECTION 3 TOWNSHIP 19N RANGE 18W SACRAMENTO	$61.55 2023 & PRIOR
1566	R0056648	20608037	NEFF KEVIN P	SECTION 3 TOWNSHIP 19N RANGE 18W SACRAMENTO	$166.69 2023 & PRIOR
1567	R0056654	20608058	ORLAND STEPHEN & BEVERLY JT	SECTION 3 TOWNSHIP 19N RANGE 18W SACRAMENTO	$508.82 2023 & PRIOR
1568	R0056658	20608059	ORLAND STEPHEN & BEVERLY JT	SECTION 3 TOWNSHIP 19N RANGE 18W SACRAMENTO	$168.44 2023 & PRIOR
1569	R0056673	20608066	DUREAN CAROL A TRUSTEE	SECTION 3 TOWNSHIP 19N RANGE 18W SACRAMENTO	$451.78 2023 & PRIOR
1570	R0056602	20608075	MORALES CARMEN ROMERO	SECTION 3 TOWNSHIP 19N RANGE 18W SACRAMENTO	$166.86 2023 & PRIOR
1571	R0056663	20608082	HUGHES SAMUEL MARTIN	SECTION 3 TOWNSHIP 19N RANGE 18W SACRAMENTO	$128.05 2023 & PRIOR
1572	R0056676	20608087	GAUTE MITCHELL JT 50	SECTION 3 TOWNSHIP 19N RANGE 18W SACRAMENTO	$93.18 2023 & PRIOR
1573	R0056682	20608089A	FROOMAN RICHARD & APRIL TRUSTEES	SECTION 3 TOWNSHIP 19N RANGE 18W SACRAMENTO	$192.14 2023 & PRIOR
1574	R0056696	20608098	PARKER JOHN & ODILIA	SECTION 3 TOWNSHIP 19N RANGE 18W SACRAMENTO	$63.09 2023 & PRIOR
1575	R0056716	20608112	LEICKE INVESTMENTS LLC	SECTION 3 TOWNSHIP 19N RANGE 18W SACRAMENTO	$42.16 2023
1576	R0056718	20608114	LEICKE INVESTMENTS LLC	SECTION 3 TOWNSHIP 19N RANGE 18W SACRAMENTO	$42.16 2023
1577	R0056719	20608118	LEICKE INVESTMENTS LLC	SECTION 3 TOWNSHIP 19N RANGE 18W SACRAMENTO	$42.16 2023
1578	R0056720	20608121	SMALLEY YVONNE T	SECTION 3 TOWNSHIP 19N RANGE 18W SACRAMENTO	$82.46 2023 & PRIOR
1579	R0056724	20608112	HUGHES SAMUEL MARTIN	SECTION 3 TOWNSHIP 19N RANGE 18W SACRAMENTO	$126.05 2023 & PRIOR
1580	R0056735	20608128	LEE RANDOLPH E & RENAE	SECTION 3 TOWNSHIP 19N RANGE 18W SACRAMENTO	$42.16 2023
1581	R0056754	20608145	LEICKE INVESTMENTS LLC	SECTION 3 TOWNSHIP 19N RANGE 18W SACRAMENTO	$41.81 2023
1582	R0056806	20608146	LEICKE INVESTMENTS LLC	SECTION 3 TOWNSHIP 19N RANGE 18W SACRAMENTO	$42.16 2023
1583	R0056813	20608149	LEICKE INVESTMENTS LLC	SECTION 3 TOWNSHIP 19N RANGE 18W SACRAMENTO	$42.16 2023
1584	R0056842	20608154	LEICKE INVESTMENTS LLC	SECTION 3 TOWNSHIP 19N RANGE 18W SACRAMENTO	$42.16 2023
1585	R0056853	20608158	FILKE LORETTA	SECTION 3 TOWNSHIP 19N RANGE 18W SACRAMENTO	$522.09 2023 & PRIOR
1586	R0056856	20608162	ROSS JEFFREY	SECTION 3 TOWNSHIP 19N RANGE 18W SACRAMENTO	$43.87 2023
1587	R0056864	20608163	PRUETER SUSAN	SECTION 3 TOWNSHIP 19N RANGE 18W SACRAMENTO	$253.58 2023 & PRIOR
1588	R0056862	20608164	LEICKE INVESTMENTS LLC	SECTION 3 TOWNSHIP 19N RANGE 18W SACRAMENTO	$42.16 2023
1589	R0056886	20608169	WARNOCK J JEANNE C	SECTION 3 TOWNSHIP 19N RANGE 18W SACRAMENTO	$63.09 2023 & PRIOR
1590	R0056894	20608170	SCHACHER RICHARD & HELEN	SECTION 3 TOWNSHIP 19N RANGE 18W SACRAMENTO	$42.16 2023
1591	R0056937	20608173	LEICKE INVESTMENTS LLC	SECTION 3 TOWNSHIP 19N RANGE 18W SACRAMENTO	$42.16 2023
1592	R0056954	20608176	LEICKE INVESTMENTS LLC	SECTION 3 TOWNSHIP 19N RANGE 18W SACRAMENTO	$42.16 2023
1593	R0056999	20608184	DUNCAN ROBERT L	SECTION 3 TOWNSHIP 19N RANGE 18W SACRAMENTO	$1,360.28 2023 & PRIOR
1594	R0057121	20608224	LEICKE INVESTMENTS LLC	SECTION 3 TOWNSHIP 19N RANGE 18W SACRAMENTO	$42.16 2023
1595	R0057124	20608227	LEICKE INVESTMENTS LLC	SECTION 3 TOWNSHIP 19N RANGE 18W SACRAMENTO	$42.16 2023
1596	R0057148	20608231	PIPPIN CHERYL	SECTION 3 TOWNSHIP 19N RANGE 18W SACRAMENTO	$196.57 2023 & PRIOR
1597	R0057692	20609212	TOTH DENNIS J	SECTION 3 TOWNSHIP 19N RANGE 18W SACRAMENTO	$42.16 2023
1598	R0057762	20609214	LEICKE INVESTMENTS LLC	SECTION 3 TOWNSHIP 19N RANGE 18W SACRAMENTO	$42.16 2023
1599	R0057771	20609215	LEICKE INVESTMENTS LLC	SECTION 3 TOWNSHIP 19N RANGE 18W SACRAMENTO	$42.16 2023
1600	R0057776	20609216	LEICKE INVESTMENTS LLC	SECTION 3 TOWNSHIP 19N RANGE 18W SACRAMENTO	$42.16 2023
1601	R0057812	20609218	OLIVER ETHEL ELLISON	SECTION 3 TOWNSHIP 19N RANGE 18W SACRAMENTO	$264.92 2023 & PRIOR
1602	R0057825	20609219	CLEMENTINE MAE E	SECTION 3 TOWNSHIP 19N RANGE 18W SACRAMENTO	$451.69 2023 & PRIOR
1603	R0057830	20609220	SILLERMAN DANIELLE T TRUSTEE	SECTION 3 TOWNSHIP 19N RANGE 18W SACRAMENTO	$177.38 2023 & PRIOR
1604	R0057851	20609221	PAGE WILLIAM G & CATHRYN C	SECTION 3 TOWNSHIP 19N RANGE 18W SACRAMENTO	$128.05 2023 & PRIOR
1605	R0057872	20609225	CRICKER JAMES P TRUSTEE	SECTION 3 TOWNSHIP 19N RANGE 18W SACRAMENTO	$446.03 2023 & PRIOR
1606	R0057228	20609232	WALDEN RICHARD L	SECTION 3 TOWNSHIP 19N RANGE 18W SACRAMENTO	$1,131.48 2023 & PRIOR
1607	R0057242	20609234	LEICKE INVESTMENTS LLC	SECTION 3 TOWNSHIP 19N RANGE 18W SACRAMENTO	$42.16 2023
1608	R0057252	20609238	BELLEW JANE M & ELIZABETH C	SECTION 3 TOWNSHIP 19N RANGE 18W SACRAMENTO	$61.93 2023 & PRIOR
1609	R0057298	20609239	BRISCOE LORETTA E	SECTION 3 TOWNSHIP 19N RANGE 18W SACRAMENTO	$943.64 2023 & PRIOR
1610	R0057301	20609241	STASCH WILLIAM F & ELSIE	SECTION 3 TOWNSHIP 19N RANGE 18W SACRAMENTO	$388.48 2023 & PRIOR
1611	R0057315	20609242	SCHACHER RICHARD & HELEN	SECTION 3 TOWNSHIP 19N RANGE 18W SACRAMENTO	$55.97 2023
1612	R0057321	20609142	SCHACHER RICHARD & HELEN	SECTION 3 TOWNSHIP 19N RANGE 18W SACRAMENTO	$56.94 2023
1613	R0057324	20609152	SCHACHER RICHARD & HELEN	SECTION 3 TOWNSHIP 19N RANGE 18W SACRAMENTO	$58.66 2023
1614	R0057329	20609157	BLANCO ANNA B	SECTION 3 TOWNSHIP 19N RANGE 18W SACRAMENTO	$228.84 2023 & PRIOR
1615	R0057403	20609159	TOLENTINO GABRIELA	SECTION 3 TOWNSHIP 19N RANGE 18W SACRAMENTO	$153.97 2023 & PRIOR
1616	R0057403	20609162	ROSS RONALD & MARILYN	SECTION 3 TOWNSHIP 19N RANGE 18W SACRAMENTO	$474.05 2023 & PRIOR
1617	R0057412	20609163	BLAQUEWALKER EXPRESS TRANSPORT LLC	SECTION 3 TOWNSHIP 19N RANGE 18W SACRAMENTO	$56.94 2023
1618	R0057416	20609168	CHAMPAGNE KRISTIAN P	SECTION 3 TOWNSHIP 19N RANGE 18W SACRAMENTO	$41.87 2023
1619	R0057448	20609173	SCHACHER RICHARD & HELEN	SECTION 3 TOWNSHIP 19N RANGE 18W SACRAMENTO	$58.66 2023
1620	R0057503	20609179	SCHACHER RICHARD & HELEN	SECTION 3 TOWNSHIP 19N RANGE 18W SACRAMENTO	$58.66 2023
1621	R0057504	20609181	SCHACHER RICHARD & HELEN	SECTION 3 TOWNSHIP 19N RANGE 18W SACRAMENTO	$58.66 2023
1622	R0057520	20609183	TIERRA TRUST	SECTION 3 TOWNSHIP 19N RANGE 18W SACRAMENTO	$94.41 2023 & PRIOR
1623	R0057526	20609186	BARRETTA LINDA	SECTION 3 TOWNSHIP 19N RANGE 18W SACRAMENTO	$469.50 2023 & PRIOR
1624	R0057535	20609189	GALLAGHER JAY & JAMES F	SECTION 3 TOWNSHIP 19N RANGE 18W SACRAMENTO	$188.57 2023 & PRIOR
1625	R0057586	20609192	SCHACHER RICHARD & HELEN	SECTION 3 TOWNSHIP 19N RANGE 18W SACRAMENTO	$56.83 2023
1626	R0057689	20609195	BENSON CHARLOTTE H TRUSTEE	SECTION 3 TOWNSHIP 19N RANGE 18W SACRAMENTO	$99.52 2023 & PRIOR
1627	R0057709	20609198	VOGELTANZ JOHN E ESTATE OF & KATIE	SECTION 3 TOWNSHIP 19N RANGE 18W SACRAMENTO	$347.01 2023 & PRIOR
1628	R0057724	20609202	VOGELTANZ JOHN E ESTATE OF & KATIE	SECTION 3 TOWNSHIP 19N RANGE 18W SACRAMENTO	$363.12 2023 & PRIOR
1629	R0057607	20610127	PENCLAUBERT M & ANGELA T	SECTION 3 TOWNSHIP 19N RANGE 18W SACRAMENTO	$1,234.84 2023 & PRIOR
1630	R0057608	20610121	HARRISON HOWARD W & HAZEL M	SECTION 3 TOWNSHIP 19N RANGE 18W SACRAMENTO	$198.97 2023 & PRIOR
1631	R0057618	20610124	DANGER WENDALL & HELEN TRUSTEES	SECTION 3 TOWNSHIP 19N RANGE 18W SACRAMENTO	$1,176.48 2023 & PRIOR
1632	R0057614	20610126	RUSSELL FRED D & LENORE	SECTION 3 TOWNSHIP 19N RANGE 18W SACRAMENTO	$66.88 2023
1633	R0057616	20610128	DE PETRIS ANTHONY	SECTION 3 TOWNSHIP 19N RANGE 18W SACRAMENTO	$47.95 2023
1634	R0057617	20610129	DE PETRIS ANTHONY	SECTION 3 TOWNSHIP 19N RANGE 18W SACRAMENTO	$108.72 2023 & PRIOR
1635	R0057620	20610153	HELPS MANUEL LUIS TOSAH	SECTION 3 TOWNSHIP 19N RANGE 18W SACRAMENTO	$47.51 2023
1636	R0057636	20610163	TOLENTINO GABRIELA	SECTION 3 TOWNSHIP 19N RANGE 18W SACRAMENTO	$70.66 2023
1637	R0057650	20610177	MAC FADDEN DENISE	SECTION 3 TOWNSHIP 19N RANGE 18W SACRAMENTO	$56.72 2023 & PRIOR
1638	R0057653	20610181	LEICKE INVESTMENTS LLC	SECTION 3 TOWNSHIP 19N RANGE 18W SACRAMENTO	$63.37 2023 & PRIOR
1639	R0057655	20610182	TIERRA TRUST	SECTION 3 TOWNSHIP 19N RANGE 18W SACRAMENTO	$92.94 2023 & PRIOR
1640	R0057657	20610189	HARGESTT CHRISTOPHER	SECTION 3 TOWNSHIP 19N RANGE 18W TRACT 116	$1,579.58 2023 & PRIOR
1641	R0057660	20610193	GREUT SILAS D C & SIMINA I	SECTION 3 TOWNSHIP 19N RANGE 18W SACRAMENTO	$62.27 2023 & PRIOR
1642	R0057661	20610196	SIMONABEL J	SECTION 3 TOWNSHIP 19N RANGE 18W SACRAMENTO	$58.51 2023
1643	R0057690	20610205	INVESTORS INN LLC	SECTION 3 TOWNSHIP 19N RANGE 18W SACRAMENTO	$159.08 2023 & PRIOR
1644	R0057694	20610208	LOPEZ MICHAEL R & RUTH O	SECTION 3 TOWNSHIP 19N RANGE 18W SACRAMENTO	$41.87 2023
1645	R0057712	20610221	LEICKE INVESTMENTS LLC	SECTION 3 TOWNSHIP 19N RANGE 18W SACRAMENTO	$50.68 2023
1646	R0057718	20610226	STANLEY JOHN T	SECTION 3 TOWNSHIP 19N RANGE 18W SACRAMENTO	$169.57 2023 & PRIOR
1647	R0057722	20610228	LEICKE INVESTMENTS LLC	SECTION 3 TOWNSHIP 19N RANGE 18W SACRAMENTO	$41.87 2023
1648	R0057731	20610234	LEICKE INVESTMENTS LLC	SECTION 3 TOWNSHIP 19N RANGE 18W SACRAMENTO	$41.81 2023
1649	R0057738	20610238	LEICKE INVESTMENTS LLC	SECTION 3 TOWNSHIP 19N RANGE 18W SACRAMENTO	$41.81 2023
1650	R0057744	20610241	BROCKMAN LARRY H	SECTION 3 TOWNSHIP 19N RANGE 18W SACRAMENTO	$41.81 2023
1651	R0057748	20610245	NEWMAN TRAVIS R & MARIA	SECTION 3 TOWNSHIP 19N RANGE 18W SACRAMENTO	$158.74 2023 & PRIOR
1652	R0057752	20610255	HOFF NICHOLAS & MARY	SECTION 3 TOWNSHIP 19N RANGE 18W SACRAMENTO	$202.58 2023 & PRIOR
1653	R0057756	20610259	HARGESTT CHRISTOPHER & APODACA CAROLINE
SECTION 3 TOWNSHIP 19N RANGE 18W SACRAMENTO	$41.87 2023
1654	R0057760	20610262	HARGESTT CHRISTOPHER & APODACA CAROLINE
SECTION 3 TOWNSHIP 19N RANGE 18W SACRAMENTO	$41.87 2023
1655	R0057769	20610265	ILLUMAN LIVING TRUST	SECTION 3 TOWNSHIP 19N RANGE 18W SACRAMENTO	$1,085.52 2023 & PRIOR
1656	R0057772	20610272	GRANER VIRGIL & ALMA	SECTION 3 TOWNSHIP 19N RANGE 18W SACRAMENTO	$446.03 2023 & PRIOR
1657	R0057775	20610276	VERDUGO ERNESTO G	SECTION 3 TOWNSHIP 19N RANGE 18W SACRAMENTO	$1,012.28 2023 & PRIOR
1658	R0057782	20610283	MARONA JOSE J ETAL	SECTION 3 TOWNSHIP 19N RANGE 18W SACRAMENTO	$561.71 2023 & PRIOR
1659	R0057784	20610284	MARONA JOSE J ETAL	SECTION 3 TOWNSHIP 19N RANGE 18W SACRAMENTO	$1,012.28 2023 & PRIOR
1660	R0057790	20610294	LEHMANI RAYNA MARIE	SECTION 3 TOWNSHIP 19N RANGE 18W SACRAMENTO	$185.95 2023 & PRIOR
1661	R0057796	20610301	ADAME RONALD & DAWN CRAWS	SECTION 3 TOWNSHIP 19N RANGE 18W SACRAMENTO	$208.32 2023 & PRIOR
1662	R0057801	20610305	MASSE MEREDITH	SECTION 3 TOWNSHIP 19N RANGE 18W SACRAMENTO	$41.87 2023
1663	R0057805	20610307	VALLI STANLEY H	SECTION 3 TOWNSHIP 19N RANGE 18W SACRAMENTO	$58.51 2023
1664	R0057809	20610315	MASSE MEREDITH	SECTION 3 TOWNSHIP 19N RANGE 18W TRACT 116	$41.87 2023
1665	R0057814	20610318	EVERLAND VENTURES 23 LLC	SECTION 4 TOWNSHIP 19N RANGE 18W SACRAMENTO	$17.77 2023 & PRIOR
1666	R0057818	20610321	PLASENCIA ROBINSON	SECTION 4 TOWNSHIP 19N RANGE 18W SACRAMENTO	$36.70 2023
1667	R0057822	20610324	LEICKE INVESTMENTS LLC	SECTION 4 TOWNSHIP 19N RANGE 18W SACRAMENTO	$36.70 2023
1668	R0057825	20610327	EVERLAND VENTURES 23 LLC	SECTION 4 TOWNSHIP 19N RANGE 18W SACRAMENTO	$17.77 2023 & PRIOR
1669	R0057829	20610331	PAIGE KELLY	SECTION 4 TOWNSHIP 19N RANGE 18W SACRAMENTO	$36.70 2023
1670	R0057834	20610334	BETANCOURT SOPHIA E	SECTION 4 TOWNSHIP 19N RANGE 18W SACRAMENTO	$162.59 2023 & PRIOR
1671	R0057838	20610337	SHEPPARD CHRIS	SECTION 4 TOWNSHIP 19N RANGE 18W SACRAMENTO	$36.70 2023
1672	R0057842	20610341	BETANCOURT SOPHIA E	SECTION 4 TOWNSHIP 19N RANGE 18W SACRAMENTO	$248.48 2023 & PRIOR
1673	R0057846	20610344	MARQUEZ LUIS JR	SECTION 4 TOWNSHIP 19N RANGE 18W SACRAMENTO	$36.70 2023
1674	R0057851	20610347	LEICKE INVESTMENTS LLC	SECTION 4 TOWNSHIP 19N RANGE 18W SACRAMENTO	$36.70 2023
1675	R0057855	20610351	MANGUM CARMEN J & VIRGINIA R	SECTION 4 TOWNSHIP 19N RANGE 18W SACRAMENTO	$1,080.38 2023 & PRIOR
1676	R0057859	20610357	TURSE JOSEPH F & MARLENE H JT	SECTION 4 TOWNSHIP 19N RANGE 18W SACRAMENTO	$1,012.28 2023 & PRIOR
1677	R0057862	20610162	BESSING JOHN S	SECTION 4 TOWNSHIP 19N RANGE 18W FRONTIER V	$1,481.88 2023 & PRIOR
1678	R0057866	20610165	SCHAEFFLER MARTIN W & DOROTHY	SECTION 4 TOWNSHIP 19N RANGE 18W FRONTIER V	$486.45 2023 & PRIOR
1679	R0057869	20610168	KAROL KENNETH J	SECTION 4 TOWNSHIP 19N RANGE 18W FRONTIER V	$36.70 2023
